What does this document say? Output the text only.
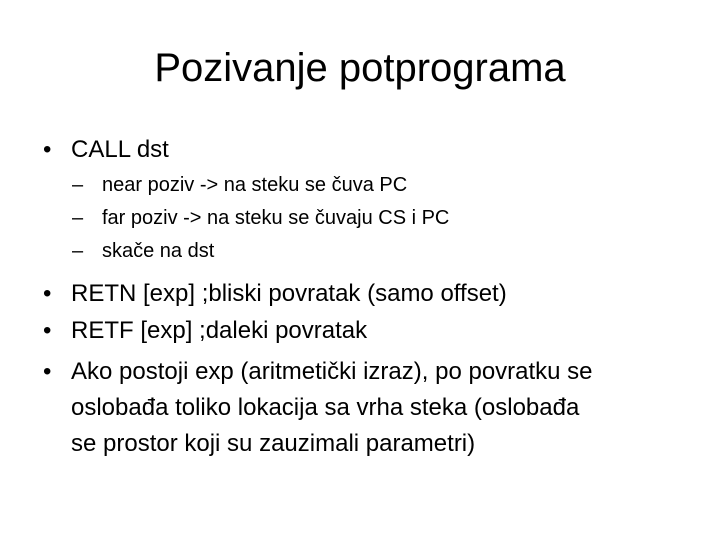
Pozivanje potprograma
• CALL dst
– near poziv -> na steku se čuva PC
– far poziv -> na steku se čuvaju CS i PC
– skače na dst
• RETN [exp] ;bliski povratak (samo offset)
• RETF [exp] ;daleki povratak
• Ako postoji exp (aritmetički izraz), po povratku se
oslobađa toliko lokacija sa vrha steka (oslobađa
se prostor koji su zauzimali parametri)
